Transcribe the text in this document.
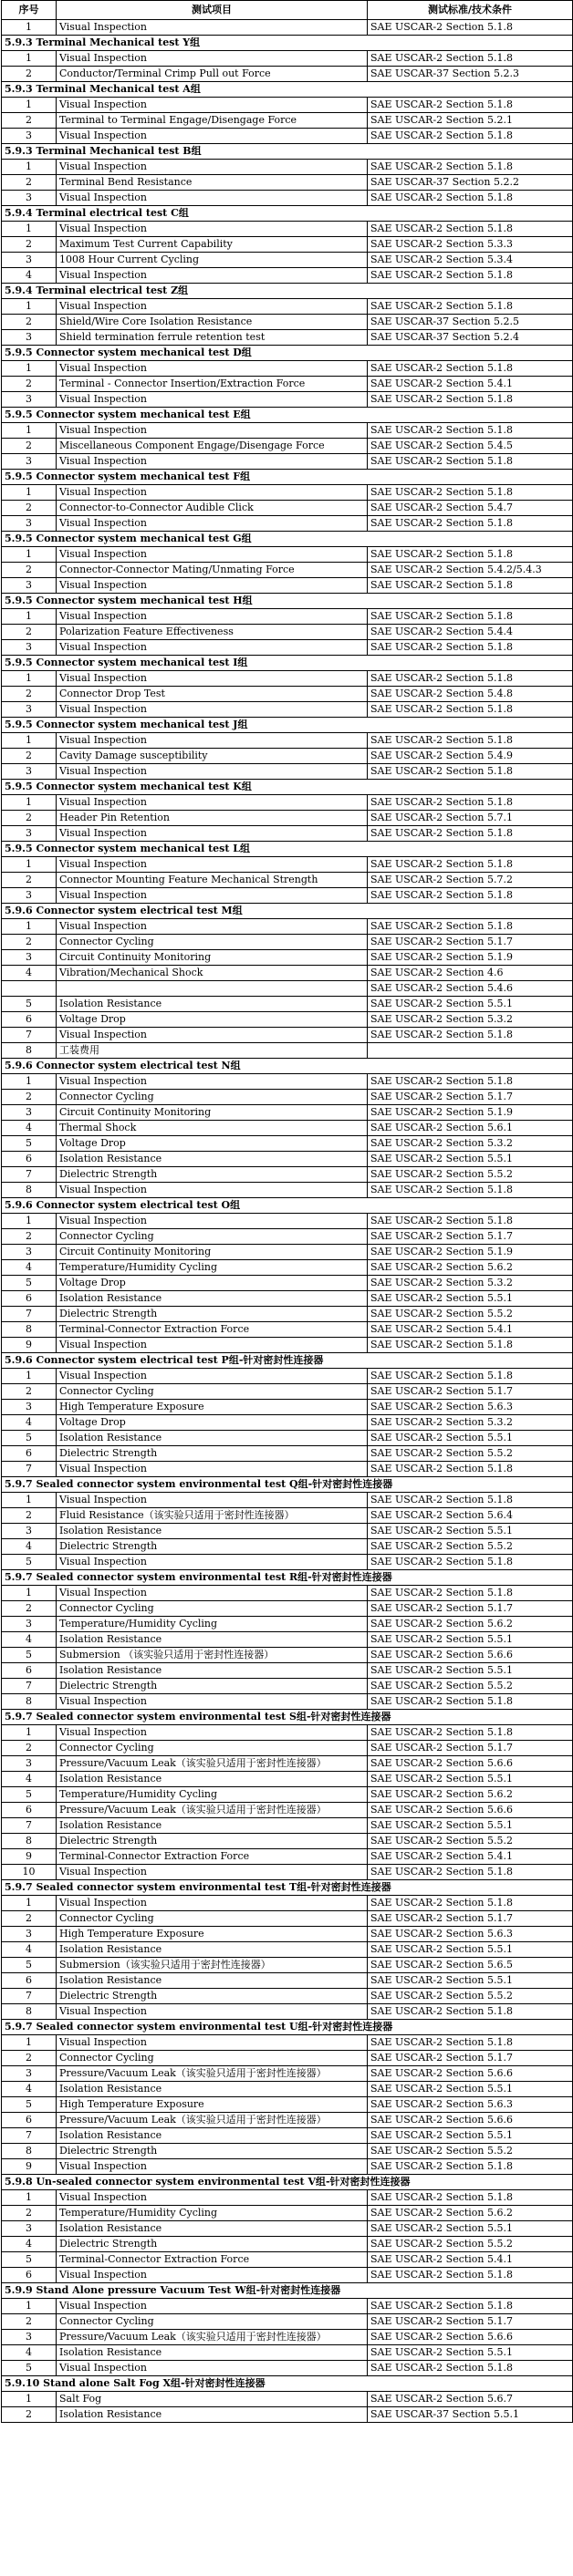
序号	测试项目	测试标准/技术条件
1	Visual Inspection	SAE USCAR-2 Section 5.1.8
5.9.3 Terminal Mechanical test Y组		
1	Visual Inspection	SAE USCAR-2 Section 5.1.8
2	Conductor/Terminal Crimp Pull out Force	SAE USCAR-37 Section 5.2.3
5.9.3 Terminal Mechanical test A组		
1	Visual Inspection	SAE USCAR-2 Section 5.1.8
2	Terminal to Terminal Engage/Disengage Force	SAE USCAR-2 Section 5.2.1
3	Visual Inspection	SAE USCAR-2 Section 5.1.8
5.9.3 Terminal Mechanical test B组		
1	Visual Inspection	SAE USCAR-2 Section 5.1.8
2	Terminal Bend Resistance	SAE USCAR-37 Section 5.2.2
3	Visual Inspection	SAE USCAR-2 Section 5.1.8
5.9.4 Terminal electrical test C组		
1	Visual Inspection	SAE USCAR-2 Section 5.1.8
2	Maximum Test Current Capability	SAE USCAR-2 Section 5.3.3
3	1008 Hour Current Cycling	SAE USCAR-2 Section 5.3.4
4	Visual Inspection	SAE USCAR-2 Section 5.1.8
5.9.4 Terminal electrical test Z组		
1	Visual Inspection	SAE USCAR-2 Section 5.1.8
2	Shield/Wire Core Isolation Resistance	SAE USCAR-37 Section 5.2.5
3	Shield termination ferrule retention test	SAE USCAR-37 Section 5.2.4
5.9.5 Connector system mechanical test D组		
1	Visual Inspection	SAE USCAR-2 Section 5.1.8
2	Terminal - Connector Insertion/Extraction Force	SAE USCAR-2 Section 5.4.1
3	Visual Inspection	SAE USCAR-2 Section 5.1.8
5.9.5 Connector system mechanical test E组		
1	Visual Inspection	SAE USCAR-2 Section 5.1.8
2	Miscellaneous Component Engage/Disengage Force	SAE USCAR-2 Section 5.4.5
3	Visual Inspection	SAE USCAR-2 Section 5.1.8
5.9.5 Connector system mechanical test F组		
1	Visual Inspection	SAE USCAR-2 Section 5.1.8
2	Connector-to-Connector Audible Click	SAE USCAR-2 Section 5.4.7
3	Visual Inspection	SAE USCAR-2 Section 5.1.8
5.9.5 Connector system mechanical test G组		
1	Visual Inspection	SAE USCAR-2 Section 5.1.8
2	Connector-Connector Mating/Unmating Force	SAE USCAR-2 Section 5.4.2/5.4.3
3	Visual Inspection	SAE USCAR-2 Section 5.1.8
5.9.5 Connector system mechanical test H组		
1	Visual Inspection	SAE USCAR-2 Section 5.1.8
2	Polarization Feature Effectiveness	SAE USCAR-2 Section 5.4.4
3	Visual Inspection	SAE USCAR-2 Section 5.1.8
5.9.5 Connector system mechanical test I组		
1	Visual Inspection	SAE USCAR-2 Section 5.1.8
2	Connector Drop Test	SAE USCAR-2 Section 5.4.8
3	Visual Inspection	SAE USCAR-2 Section 5.1.8
5.9.5 Connector system mechanical test J组		
1	Visual Inspection	SAE USCAR-2 Section 5.1.8
2	Cavity Damage susceptibility	SAE USCAR-2 Section 5.4.9
3	Visual Inspection	SAE USCAR-2 Section 5.1.8
5.9.5 Connector system mechanical test K组		
1	Visual Inspection	SAE USCAR-2 Section 5.1.8
2	Header Pin Retention	SAE USCAR-2 Section 5.7.1
3	Visual Inspection	SAE USCAR-2 Section 5.1.8
5.9.5 Connector system mechanical test L组		
1	Visual Inspection	SAE USCAR-2 Section 5.1.8
2	Connector Mounting Feature Mechanical Strength	SAE USCAR-2 Section 5.7.2
3	Visual Inspection	SAE USCAR-2 Section 5.1.8
5.9.6 Connector system electrical test M组		
1	Visual Inspection	SAE USCAR-2 Section 5.1.8
2	Connector Cycling	SAE USCAR-2 Section 5.1.7
3	Circuit Continuity Monitoring	SAE USCAR-2 Section 5.1.9
4	Vibration/Mechanical Shock	SAE USCAR-2 Section 4.6
		SAE USCAR-2 Section 5.4.6
5	Isolation Resistance	SAE USCAR-2 Section 5.5.1
6	Voltage Drop	SAE USCAR-2 Section 5.3.2
7	Visual Inspection	SAE USCAR-2 Section 5.1.8
8	工装费用	
5.9.6 Connector system electrical test N组		
1	Visual Inspection	SAE USCAR-2 Section 5.1.8
2	Connector Cycling	SAE USCAR-2 Section 5.1.7
3	Circuit Continuity Monitoring	SAE USCAR-2 Section 5.1.9
4	Thermal Shock	SAE USCAR-2 Section 5.6.1
5	Voltage Drop	SAE USCAR-2 Section 5.3.2
6	Isolation Resistance	SAE USCAR-2 Section 5.5.1
7	Dielectric Strength	SAE USCAR-2 Section 5.5.2
8	Visual Inspection	SAE USCAR-2 Section 5.1.8
5.9.6 Connector system electrical test O组		
1	Visual Inspection	SAE USCAR-2 Section 5.1.8
2	Connector Cycling	SAE USCAR-2 Section 5.1.7
3	Circuit Continuity Monitoring	SAE USCAR-2 Section 5.1.9
4	Temperature/Humidity Cycling	SAE USCAR-2 Section 5.6.2
5	Voltage Drop	SAE USCAR-2 Section 5.3.2
6	Isolation Resistance	SAE USCAR-2 Section 5.5.1
7	Dielectric Strength	SAE USCAR-2 Section 5.5.2
8	Terminal-Connector Extraction Force	SAE USCAR-2 Section 5.4.1
9	Visual Inspection	SAE USCAR-2 Section 5.1.8
5.9.6 Connector system electrical test P组-针对密封性连接器		
1	Visual Inspection	SAE USCAR-2 Section 5.1.8
2	Connector Cycling	SAE USCAR-2 Section 5.1.7
3	High Temperature Exposure	SAE USCAR-2 Section 5.6.3
4	Voltage Drop	SAE USCAR-2 Section 5.3.2
5	Isolation Resistance	SAE USCAR-2 Section 5.5.1
6	Dielectric Strength	SAE USCAR-2 Section 5.5.2
7	Visual Inspection	SAE USCAR-2 Section 5.1.8
5.9.7 Sealed connector system environmental test Q组-针对密封性连接器		
1	Visual Inspection	SAE USCAR-2 Section 5.1.8
2	Fluid Resistance（该实验只适用于密封性连接器）	SAE USCAR-2 Section 5.6.4
3	Isolation Resistance	SAE USCAR-2 Section 5.5.1
4	Dielectric Strength	SAE USCAR-2 Section 5.5.2
5	Visual Inspection	SAE USCAR-2 Section 5.1.8
5.9.7 Sealed connector system environmental test R组-针对密封性连接器		
1	Visual Inspection	SAE USCAR-2 Section 5.1.8
2	Connector Cycling	SAE USCAR-2 Section 5.1.7
3	Temperature/Humidity Cycling	SAE USCAR-2 Section 5.6.2
4	Isolation Resistance	SAE USCAR-2 Section 5.5.1
5	Submersion （该实验只适用于密封性连接器）	SAE USCAR-2 Section 5.6.6
6	Isolation Resistance	SAE USCAR-2 Section 5.5.1
7	Dielectric Strength	SAE USCAR-2 Section 5.5.2
8	Visual Inspection	SAE USCAR-2 Section 5.1.8
5.9.7 Sealed connector system environmental test S组-针对密封性连接器		
1	Visual Inspection	SAE USCAR-2 Section 5.1.8
2	Connector Cycling	SAE USCAR-2 Section 5.1.7
3	Pressure/Vacuum Leak（该实验只适用于密封性连接器）	SAE USCAR-2 Section 5.6.6
4	Isolation Resistance	SAE USCAR-2 Section 5.5.1
5	Temperature/Humidity Cycling	SAE USCAR-2 Section 5.6.2
6	Pressure/Vacuum Leak（该实验只适用于密封性连接器）	SAE USCAR-2 Section 5.6.6
7	Isolation Resistance	SAE USCAR-2 Section 5.5.1
8	Dielectric Strength	SAE USCAR-2 Section 5.5.2
9	Terminal-Connector Extraction Force	SAE USCAR-2 Section 5.4.1
10	Visual Inspection	SAE USCAR-2 Section 5.1.8
5.9.7 Sealed connector system environmental test T组-针对密封性连接器		
1	Visual Inspection	SAE USCAR-2 Section 5.1.8
2	Connector Cycling	SAE USCAR-2 Section 5.1.7
3	High Temperature Exposure	SAE USCAR-2 Section 5.6.3
4	Isolation Resistance	SAE USCAR-2 Section 5.5.1
5	Submersion（该实验只适用于密封性连接器）	SAE USCAR-2 Section 5.6.5
6	Isolation Resistance	SAE USCAR-2 Section 5.5.1
7	Dielectric Strength	SAE USCAR-2 Section 5.5.2
8	Visual Inspection	SAE USCAR-2 Section 5.1.8
5.9.7 Sealed connector system environmental test U组-针对密封性连接器		
1	Visual Inspection	SAE USCAR-2 Section 5.1.8
2	Connector Cycling	SAE USCAR-2 Section 5.1.7
3	Pressure/Vacuum Leak（该实验只适用于密封性连接器）	SAE USCAR-2 Section 5.6.6
4	Isolation Resistance	SAE USCAR-2 Section 5.5.1
5	High Temperature Exposure	SAE USCAR-2 Section 5.6.3
6	Pressure/Vacuum Leak（该实验只适用于密封性连接器）	SAE USCAR-2 Section 5.6.6
7	Isolation Resistance	SAE USCAR-2 Section 5.5.1
8	Dielectric Strength	SAE USCAR-2 Section 5.5.2
9	Visual Inspection	SAE USCAR-2 Section 5.1.8
5.9.8 Un-sealed connector system environmental test V组-针对密封性连接器		
1	Visual Inspection	SAE USCAR-2 Section 5.1.8
2	Temperature/Humidity Cycling	SAE USCAR-2 Section 5.6.2
3	Isolation Resistance	SAE USCAR-2 Section 5.5.1
4	Dielectric Strength	SAE USCAR-2 Section 5.5.2
5	Terminal-Connector Extraction Force	SAE USCAR-2 Section 5.4.1
6	Visual Inspection	SAE USCAR-2 Section 5.1.8
5.9.9 Stand Alone pressure Vacuum Test W组-针对密封性连接器		
1	Visual Inspection	SAE USCAR-2 Section 5.1.8
2	Connector Cycling	SAE USCAR-2 Section 5.1.7
3	Pressure/Vacuum Leak（该实验只适用于密封性连接器）	SAE USCAR-2 Section 5.6.6
4	Isolation Resistance	SAE USCAR-2 Section 5.5.1
5	Visual Inspection	SAE USCAR-2 Section 5.1.8
5.9.10 Stand alone Salt Fog X组-针对密封性连接器		
1	Salt Fog	SAE USCAR-2 Section 5.6.7
2	Isolation Resistance	SAE USCAR-37 Section 5.5.1
